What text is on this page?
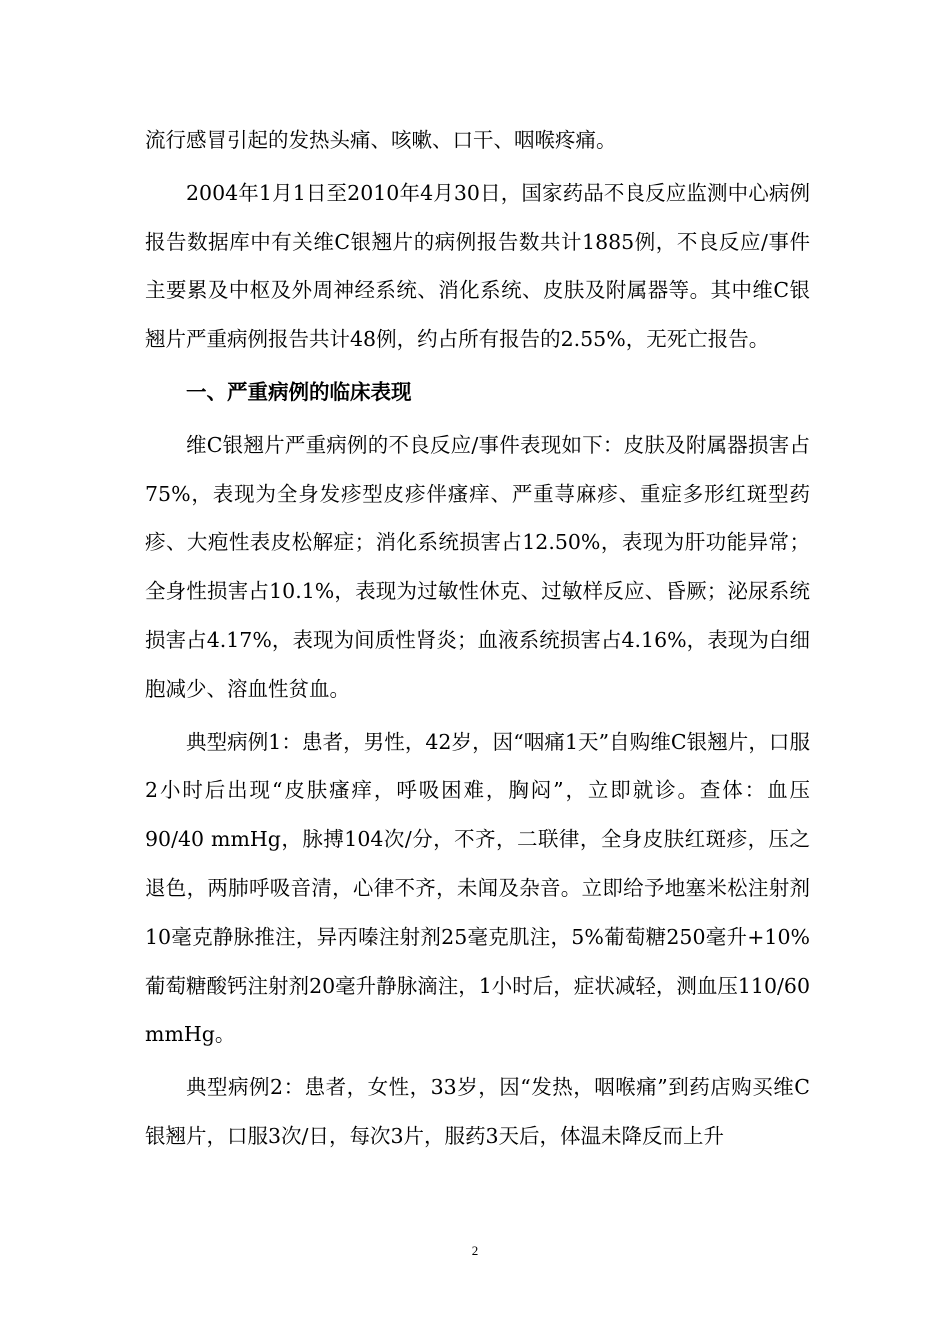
流行感冒引起的发热头痛、咳嗽、口干、咽喉疼痛。

2004年1月1日至2010年4月30日，国家药品不良反应监测中心病例报告数据库中有关维C银翘片的病例报告数共计1885例，不良反应/事件主要累及中枢及外周神经系统、消化系统、皮肤及附属器等。其中维C银翘片严重病例报告共计48例，约占所有报告的2.55%，无死亡报告。

一、严重病例的临床表现

维C银翘片严重病例的不良反应/事件表现如下：皮肤及附属器损害占75%，表现为全身发疹型皮疹伴瘙痒、严重荨麻疹、重症多形红斑型药疹、大疱性表皮松解症；消化系统损害占12.50%，表现为肝功能异常；全身性损害占10.1%，表现为过敏性休克、过敏样反应、昏厥；泌尿系统损害占4.17%，表现为间质性肾炎；血液系统损害占4.16%，表现为白细胞减少、溶血性贫血。

典型病例1：患者，男性，42岁，因“咽痛1天”自购维C银翘片，口服2小时后出现“皮肤瘙痒，呼吸困难，胸闷”，立即就诊。查体：血压90/40 mmHg，脉搏104次/分，不齐，二联律，全身皮肤红斑疹，压之退色，两肺呼吸音清，心律不齐，未闻及杂音。立即给予地塞米松注射剂10毫克静脉推注，异丙嗪注射剂25毫克肌注，5%葡萄糖250毫升+10%葡萄糖酸钙注射剂20毫升静脉滴注，1小时后，症状减轻，测血压110/60 mmHg。

典型病例2：患者，女性，33岁，因“发热，咽喉痛”到药店购买维C银翘片，口服3次/日，每次3片，服药3天后，体温未降反而上升

2
